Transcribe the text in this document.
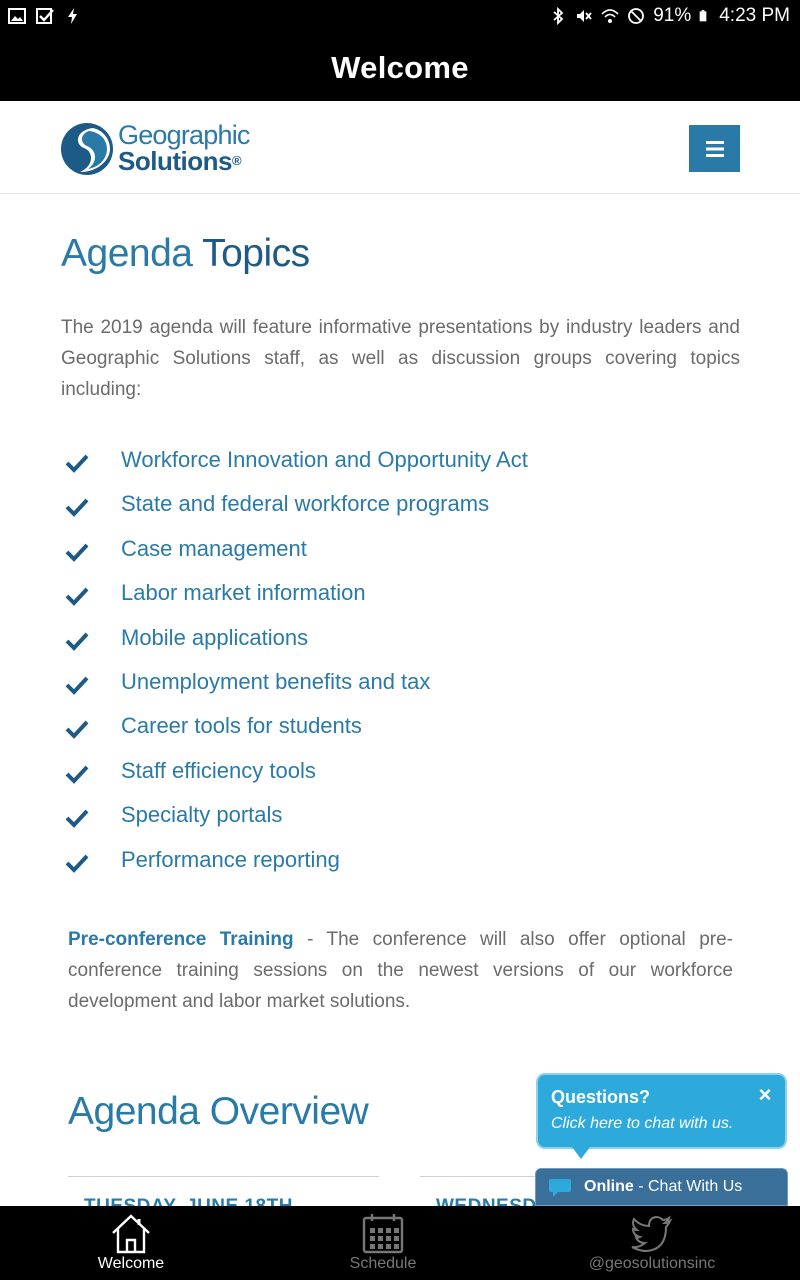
91% 4:23 PM
Welcome
Geographic
Solutions®
Agenda Topics

The 2019 agenda will feature informative presentations by industry leaders and Geographic Solutions staff, as well as discussion groups covering topics including:

Workforce Innovation and Opportunity Act
State and federal workforce programs
Case management
Labor market information
Mobile applications
Unemployment benefits and tax
Career tools for students
Staff efficiency tools
Specialty portals
Performance reporting

Pre-conference Training - The conference will also offer optional pre-conference training sessions on the newest versions of our workforce development and labor market solutions.

Agenda Overview	Questions?
Click here to chat with us.
×
Online - Chat With Us
Welcome	Schedule	@geosolutionsinc
